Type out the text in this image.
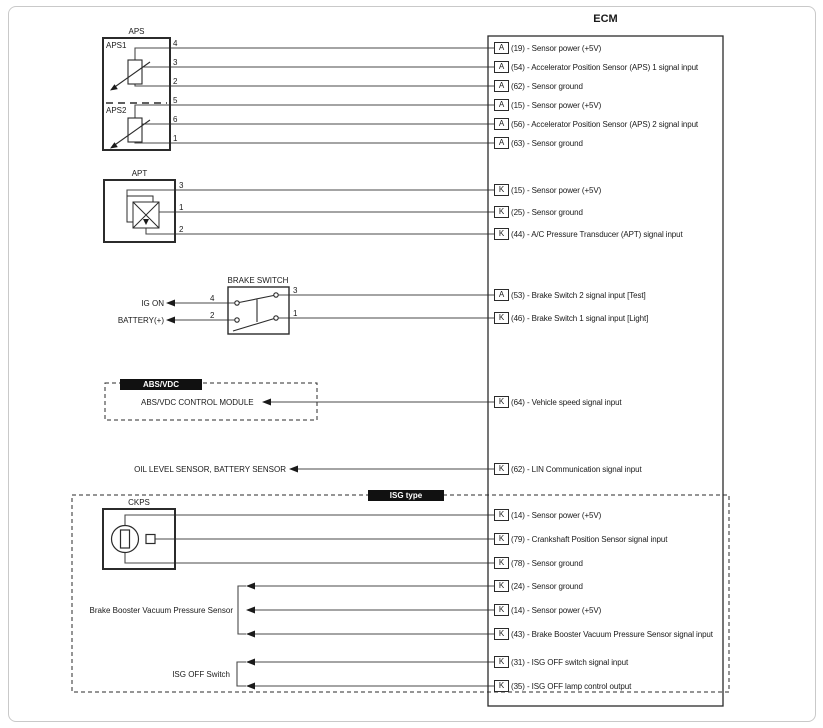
ECM
A (19) - Sensor power (+5V)
A (54) - Accelerator Position Sensor (APS) 1 signal input
A (62) - Sensor ground
A (15) - Sensor power (+5V)
A (56) - Accelerator Position Sensor (APS) 2 signal input
A (63) - Sensor ground
K (15) - Sensor power (+5V)
K (25) - Sensor ground
K (44) - A/C Pressure Transducer (APT) signal input
A (53) - Brake Switch 2 signal input [Test]
K (46) - Brake Switch 1 signal input [Light]
K (64) - Vehicle speed signal input
K (62) - LIN Communication signal input
K (14) - Sensor power (+5V)
K (79) - Crankshaft Position Sensor signal input
K (78) - Sensor ground
K (24) - Sensor ground
K (14) - Sensor power (+5V)
K (43) - Brake Booster Vacuum Pressure Sensor signal input
K (31) - ISG OFF switch signal input
K (35) - ISG OFF lamp control output
APS
APS1
APS2
4
3
2
5
6
1
APT
3
1
2
BRAKE SWITCH
IG ON
BATTERY(+)
4
2
3
1
ABS/VDC
ABS/VDC CONTROL MODULE
OIL LEVEL SENSOR, BATTERY SENSOR
ISG type
CKPS
Brake Booster Vacuum Pressure Sensor
ISG OFF Switch
